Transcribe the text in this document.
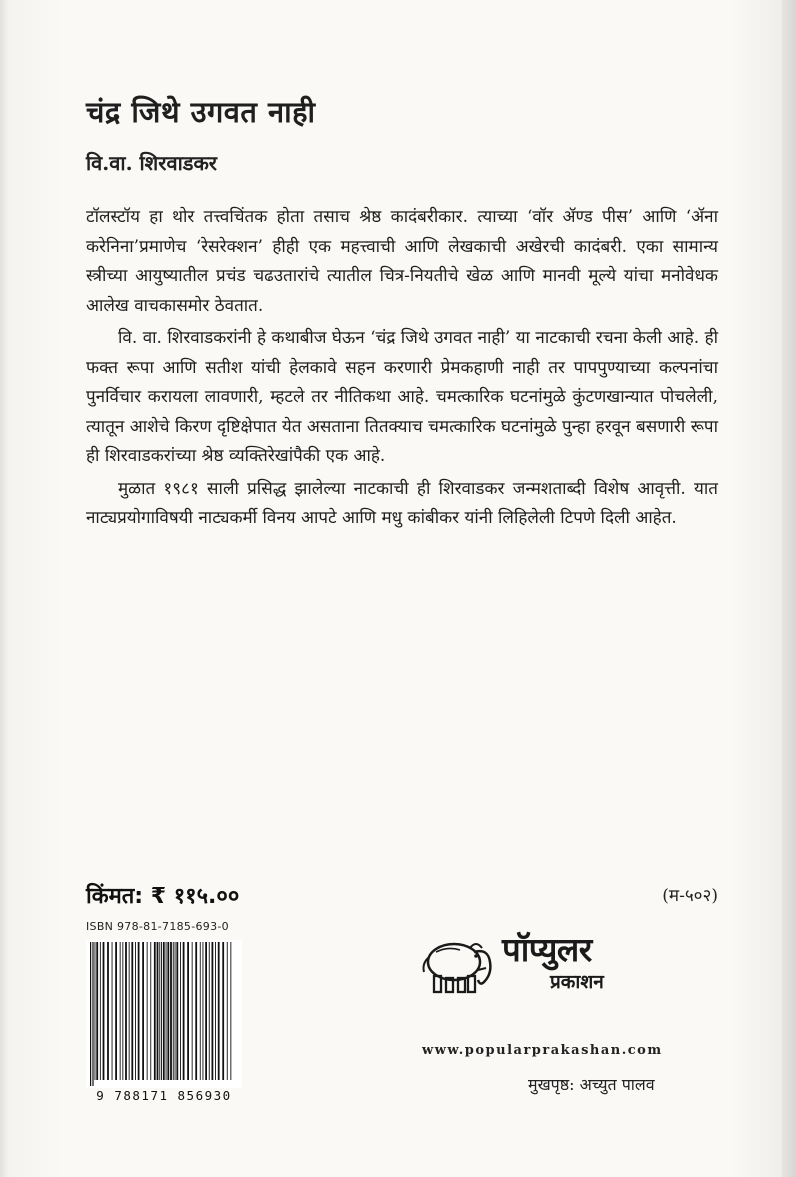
चंद्र जिथे उगवत नाही
वि.वा. शिरवाडकर

टॉलस्टॉय हा थोर तत्त्वचिंतक होता तसाच श्रेष्ठ कादंबरीकार. त्याच्या ‘वॉर ॲण्ड पीस’ आणि ‘ॲना करेनिना’प्रमाणेच ‘रेसरेक्शन’ हीही एक महत्त्वाची आणि लेखकाची अखेरची कादंबरी. एका सामान्य स्त्रीच्या आयुष्यातील प्रचंड चढउतारांचे त्यातील चित्र-नियतीचे खेळ आणि मानवी मूल्ये यांचा मनोवेधक आलेख वाचकासमोर ठेवतात.

वि. वा. शिरवाडकरांनी हे कथाबीज घेऊन ‘चंद्र जिथे उगवत नाही’ या नाटकाची रचना केली आहे. ही फक्त रूपा आणि सतीश यांची हेलकावे सहन करणारी प्रेमकहाणी नाही तर पापपुण्याच्या कल्पनांचा पुनर्विचार करायला लावणारी, म्हटले तर नीतिकथा आहे. चमत्कारिक घटनांमुळे कुंटणखान्यात पोचलेली, त्यातून आशेचे किरण दृष्टिक्षेपात येत असताना तितक्याच चमत्कारिक घटनांमुळे पुन्हा हरवून बसणारी रूपा ही शिरवाडकरांच्या श्रेष्ठ व्यक्तिरेखांपैकी एक आहे.

मुळात १९८१ साली प्रसिद्ध झालेल्या नाटकाची ही शिरवाडकर जन्मशताब्दी विशेष आवृत्ती. यात नाट्यप्रयोगाविषयी नाट्यकर्मी विनय आपटे आणि मधु कांबीकर यांनी लिहिलेली टिपणे दिली आहेत.

किंमत: ₹ ११५.००	(म-५०२)
ISBN 978-81-7185-693-0
9 788171 856930
पॉप्युलर
प्रकाशन
www.popularprakashan.com
मुखपृष्ठ: अच्युत पालव
